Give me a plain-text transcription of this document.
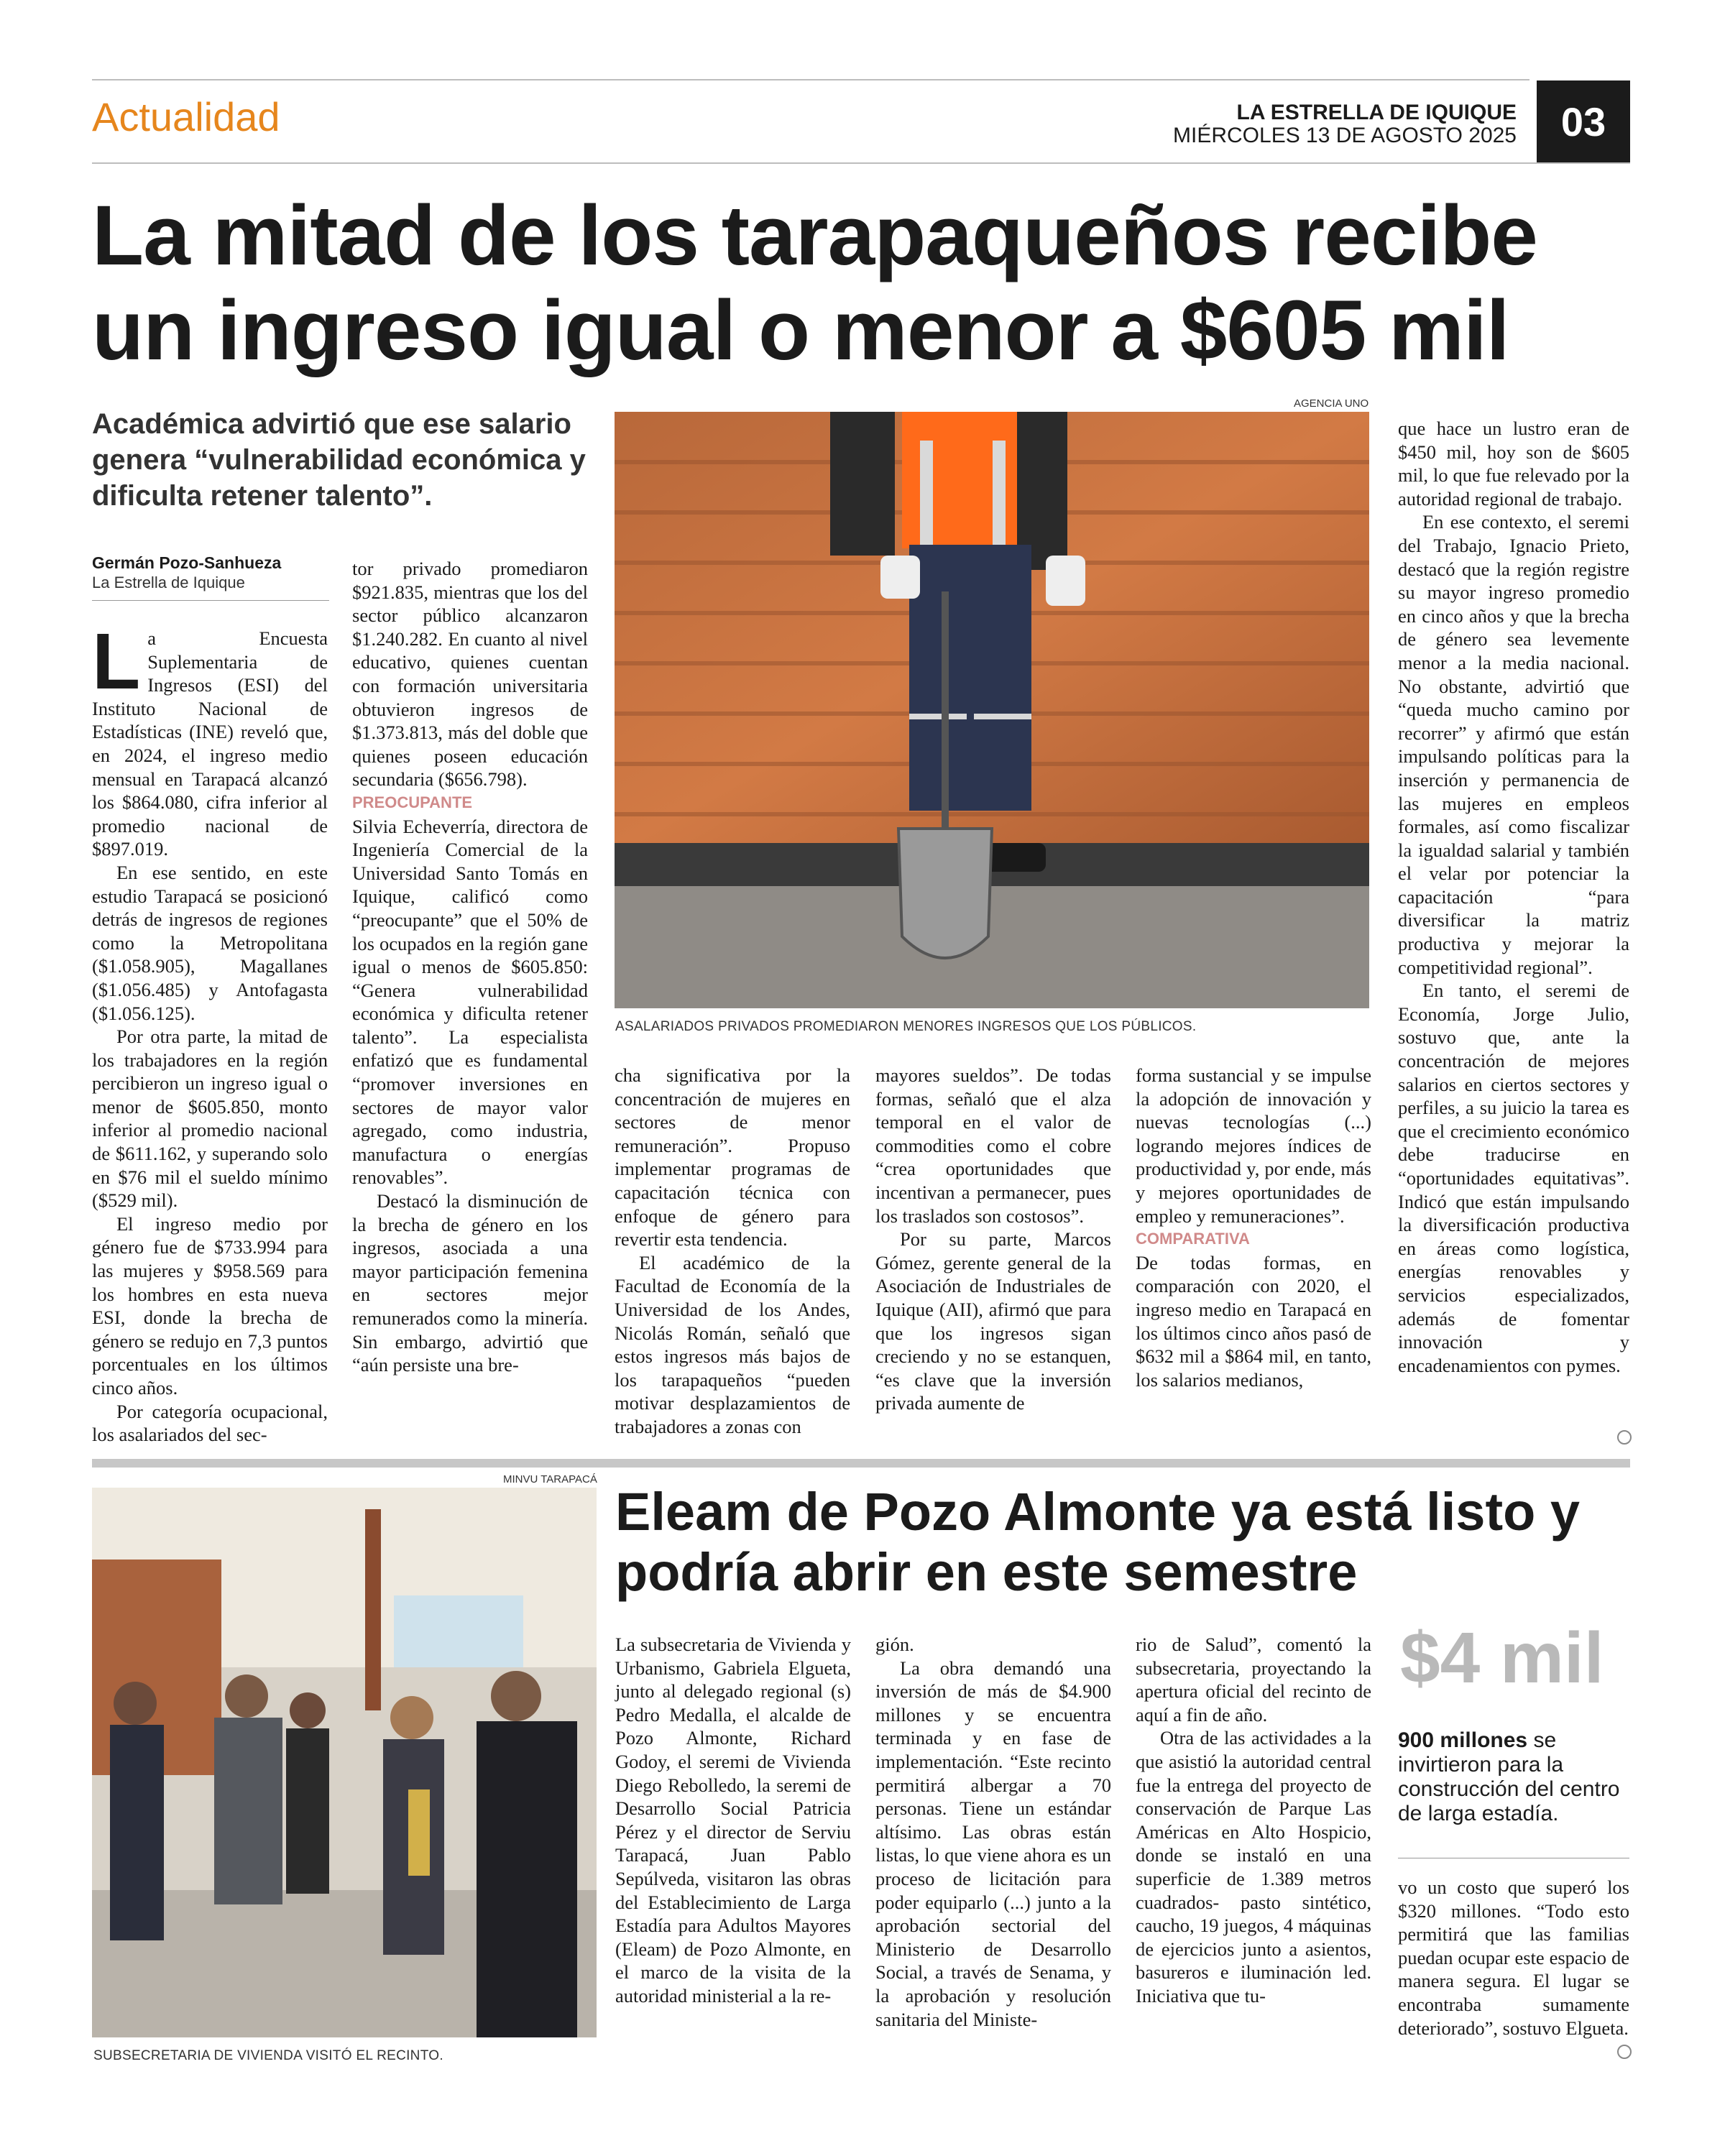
Actualidad	LA ESTRELLA DE IQUIQUE
MIÉRCOLES 13 DE AGOSTO 2025	03
La mitad de los tarapaqueños recibe
un ingreso igual o menor a $605 mil
Académica advirtió que ese salario genera “vulnerabilidad económica y dificulta retener talento”.
Germán Pozo-Sanhueza
La Estrella de Iquique
AGENCIA UNO
ASALARIADOS PRIVADOS PROMEDIARON MENORES INGRESOS QUE LOS PÚBLICOS.

La Encuesta Suplementaria de Ingresos (ESI) del Instituto Nacional de Estadísticas (INE) reveló que, en 2024, el ingreso medio mensual en Tarapacá alcanzó los $864.080, cifra inferior al promedio nacional de $897.019.

En ese sentido, en este estudio Tarapacá se posicionó detrás de ingresos de regiones como la Metropolitana ($1.058.905), Magallanes ($1.056.485) y Antofagasta ($1.056.125).

Por otra parte, la mitad de los trabajadores en la región percibieron un ingreso igual o menor de $605.850, monto inferior al promedio nacional de $611.162, y superando solo en $76 mil el sueldo mínimo ($529 mil).

El ingreso medio por género fue de $733.994 para las mujeres y $958.569 para los hombres en esta nueva ESI, donde la brecha de género se redujo en 7,3 puntos porcentuales en los últimos cinco años.

Por categoría ocupacional, los asalariados del sec-

tor privado promediaron $921.835, mientras que los del sector público alcanzaron $1.240.282. En cuanto al nivel educativo, quienes cuentan con formación universitaria obtuvieron ingresos de $1.373.813, más del doble que quienes poseen educación secundaria ($656.798).

PREOCUPANTE

Silvia Echeverría, directora de Ingeniería Comercial de la Universidad Santo Tomás en Iquique, calificó como “preocupante” que el 50% de los ocupados en la región gane igual o menos de $605.850: “Genera vulnerabilidad económica y dificulta retener talento”. La especialista enfatizó que es fundamental “promover inversiones en sectores de mayor valor agregado, como industria, manufactura o energías renovables”.

Destacó la disminución de la brecha de género en los ingresos, asociada a una mayor participación femenina en sectores mejor remunerados como la minería. Sin embargo, advirtió que “aún persiste una bre-

cha significativa por la concentración de mujeres en sectores de menor remuneración”. Propuso implementar programas de capacitación técnica con enfoque de género para revertir esta tendencia.

El académico de la Facultad de Economía de la Universidad de los Andes, Nicolás Román, señaló que estos ingresos más bajos de los tarapaqueños “pueden motivar desplazamientos de trabajadores a zonas con

mayores sueldos”. De todas formas, señaló que el alza temporal en el valor de commodities como el cobre “crea oportunidades que incentivan a permanecer, pues los traslados son costosos”.

Por su parte, Marcos Gómez, gerente general de la Asociación de Industriales de Iquique (AII), afirmó que para que los ingresos sigan creciendo y no se estanquen, “es clave que la inversión privada aumente de

forma sustancial y se impulse la adopción de innovación y nuevas tecnologías (...) logrando mejores índices de productividad y, por ende, más y mejores oportunidades de empleo y remuneraciones”.

COMPARATIVA

De todas formas, en comparación con 2020, el ingreso medio en Tarapacá en los últimos cinco años pasó de $632 mil a $864 mil, en tanto, los salarios medianos,

que hace un lustro eran de $450 mil, hoy son de $605 mil, lo que fue relevado por la autoridad regional de trabajo.

En ese contexto, el seremi del Trabajo, Ignacio Prieto, destacó que la región registre su mayor ingreso promedio en cinco años y que la brecha de género sea levemente menor a la media nacional. No obstante, advirtió que “queda mucho camino por recorrer” y afirmó que están impulsando políticas para la inserción y permanencia de las mujeres en empleos formales, así como fiscalizar la igualdad salarial y también el velar por potenciar la capacitación “para diversificar la matriz productiva y mejorar la competitividad regional”.

En tanto, el seremi de Economía, Jorge Julio, sostuvo que, ante la concentración de mejores salarios en ciertos sectores y perfiles, a su juicio la tarea es que el crecimiento económico debe traducirse en “oportunidades equitativas”. Indicó que están impulsando la diversificación productiva en áreas como logística, energías renovables y servicios especializados, además de fomentar innovación y encadenamientos con pymes.

MINVU TARAPACÁ
SUBSECRETARIA DE VIVIENDA VISITÓ EL RECINTO.
Eleam de Pozo Almonte ya está listo y
podría abrir en este semestre

La subsecretaria de Vivienda y Urbanismo, Gabriela Elgueta, junto al delegado regional (s) Pedro Medalla, el alcalde de Pozo Almonte, Richard Godoy, el seremi de Vivienda Diego Rebolledo, la seremi de Desarrollo Social Patricia Pérez y el director de Serviu Tarapacá, Juan Pablo Sepúlveda, visitaron las obras del Establecimiento de Larga Estadía para Adultos Mayores (Eleam) de Pozo Almonte, en el marco de la visita de la autoridad ministerial a la re-

gión.

La obra demandó una inversión de más de $4.900 millones y se encuentra terminada y en fase de implementación. “Este recinto permitirá albergar a 70 personas. Tiene un estándar altísimo. Las obras están listas, lo que viene ahora es un proceso de licitación para poder equiparlo (...) junto a la aprobación sectorial del Ministerio de Desarrollo Social, a través de Senama, y la aprobación y resolución sanitaria del Ministe-

rio de Salud”, comentó la subsecretaria, proyectando la apertura oficial del recinto de aquí a fin de año.

Otra de las actividades a la que asistió la autoridad central fue la entrega del proyecto de conservación de Parque Las Américas en Alto Hospicio, donde se instaló en una superficie de 1.389 metros cuadrados- pasto sintético, caucho, 19 juegos, 4 máquinas de ejercicios junto a asientos, basureros e iluminación led. Iniciativa que tu-

$4 mil
900 millones se invirtieron para la construcción del centro de larga estadía.

vo un costo que superó los $320 millones. “Todo esto permitirá que las familias puedan ocupar este espacio de manera segura. El lugar se encontraba sumamente deteriorado”, sostuvo Elgueta.
